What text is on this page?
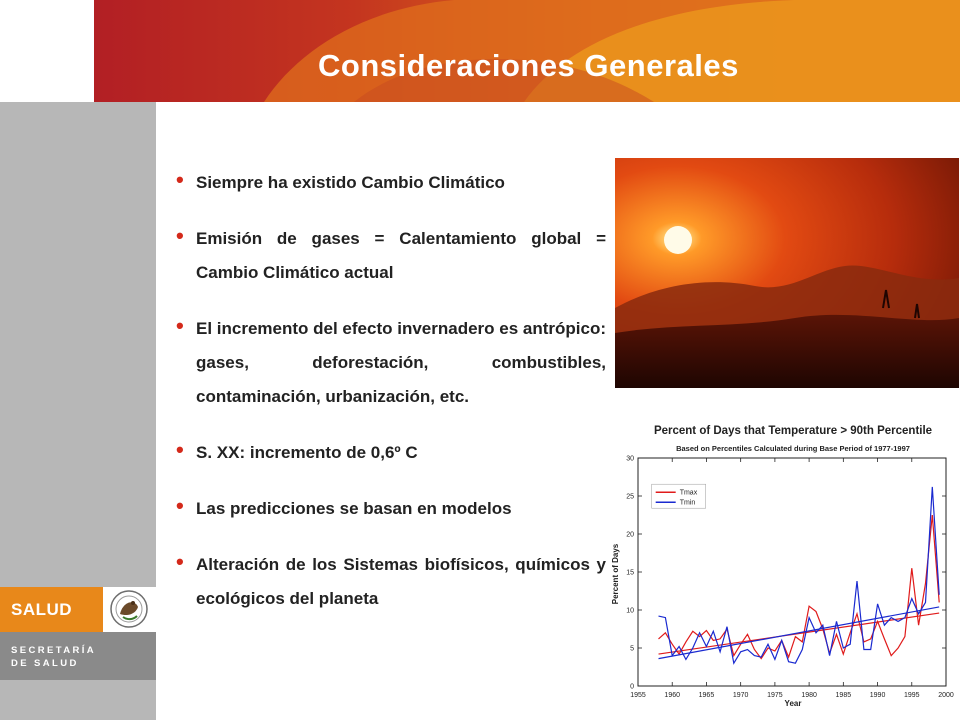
Consideraciones Generales
SALUD
SECRETARÍA
DE SALUD
• Siempre ha existido Cambio Climático
• Emisión de gases = Calentamiento global = Cambio Climático actual
• El incremento del efecto invernadero es antrópico: gases, deforestación, combustibles, contaminación, urbanización, etc.
• S. XX: incremento de 0,6º C
• Las predicciones se basan en modelos
• Alteración de los Sistemas biofísicos, químicos y ecológicos del planeta
Percent of Days that Temperature > 90th Percentile
Based on Percentiles Calculated during Base Period of 1977-1997
Year
Percent of Days
1955	1960	1965	1970	1975	1980	1985	1990	1995	2000
0
5
10
15
20
25
30
Tmax
Tmin
